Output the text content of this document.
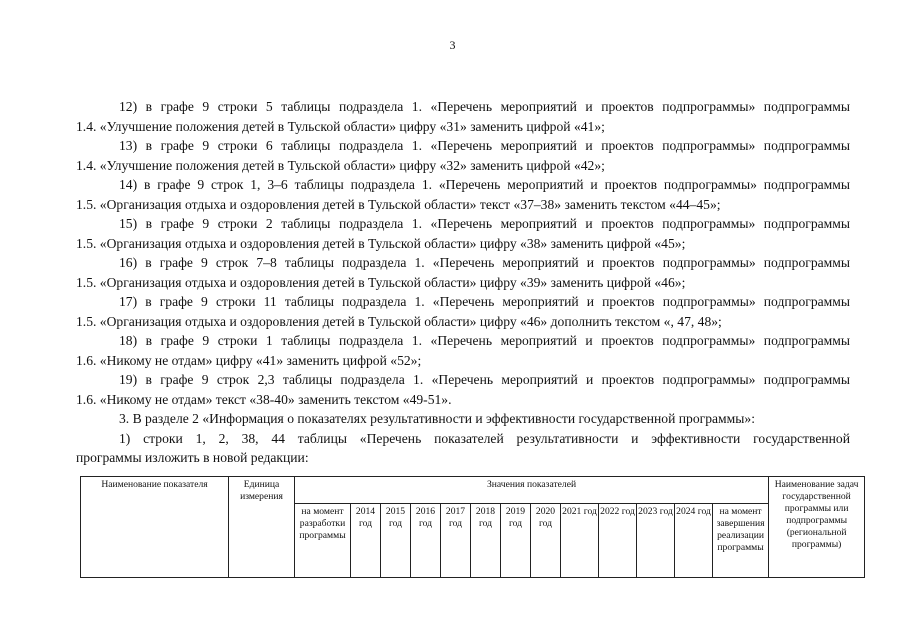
3
12) в графе 9 строки 5 таблицы подраздела 1. «Перечень мероприятий и проектов подпрограммы» подпрограммы
1.4. «Улучшение положения детей в Тульской области» цифру «31» заменить цифрой «41»;
13) в графе 9 строки 6 таблицы подраздела 1. «Перечень мероприятий и проектов подпрограммы» подпрограммы
1.4. «Улучшение положения детей в Тульской области» цифру «32» заменить цифрой «42»;
14) в графе 9 строк 1, 3–6 таблицы подраздела 1. «Перечень мероприятий и проектов подпрограммы» подпрограммы
1.5. «Организация отдыха и оздоровления детей в Тульской области» текст «37–38» заменить текстом «44–45»;
15) в графе 9 строки 2 таблицы подраздела 1. «Перечень мероприятий и проектов подпрограммы» подпрограммы
1.5. «Организация отдыха и оздоровления детей в Тульской области» цифру «38» заменить цифрой «45»;
16) в графе 9 строк 7–8 таблицы подраздела 1. «Перечень мероприятий и проектов подпрограммы» подпрограммы
1.5. «Организация отдыха и оздоровления детей в Тульской области» цифру «39» заменить цифрой «46»;
17) в графе 9 строки 11 таблицы подраздела 1. «Перечень мероприятий и проектов подпрограммы» подпрограммы
1.5. «Организация отдыха и оздоровления детей в Тульской области» цифру «46» дополнить текстом «, 47, 48»;
18) в графе 9 строки 1 таблицы подраздела 1. «Перечень мероприятий и проектов подпрограммы» подпрограммы
1.6. «Никому не отдам» цифру «41» заменить цифрой «52»;
19) в графе 9 строк 2,3 таблицы подраздела 1. «Перечень мероприятий и проектов подпрограммы» подпрограммы
1.6. «Никому не отдам» текст «38-40» заменить текстом «49-51».
3. В разделе 2 «Информация о показателях результативности и эффективности государственной программы»:
1) строки 1, 2, 38, 44 таблицы «Перечень показателей результативности и эффективности государственной
программы изложить в новой редакции:
Наименование показателя	Единица измерения	Значения показателей													Наименование задач государственной программы или подпрограммы (региональной программы)
		на момент разработки программы	2014 год	2015 год	2016 год	2017 год	2018 год	2019 год	2020 год	2021 год	2022 год	2023 год	2024 год	на момент завершения реализации программы	
